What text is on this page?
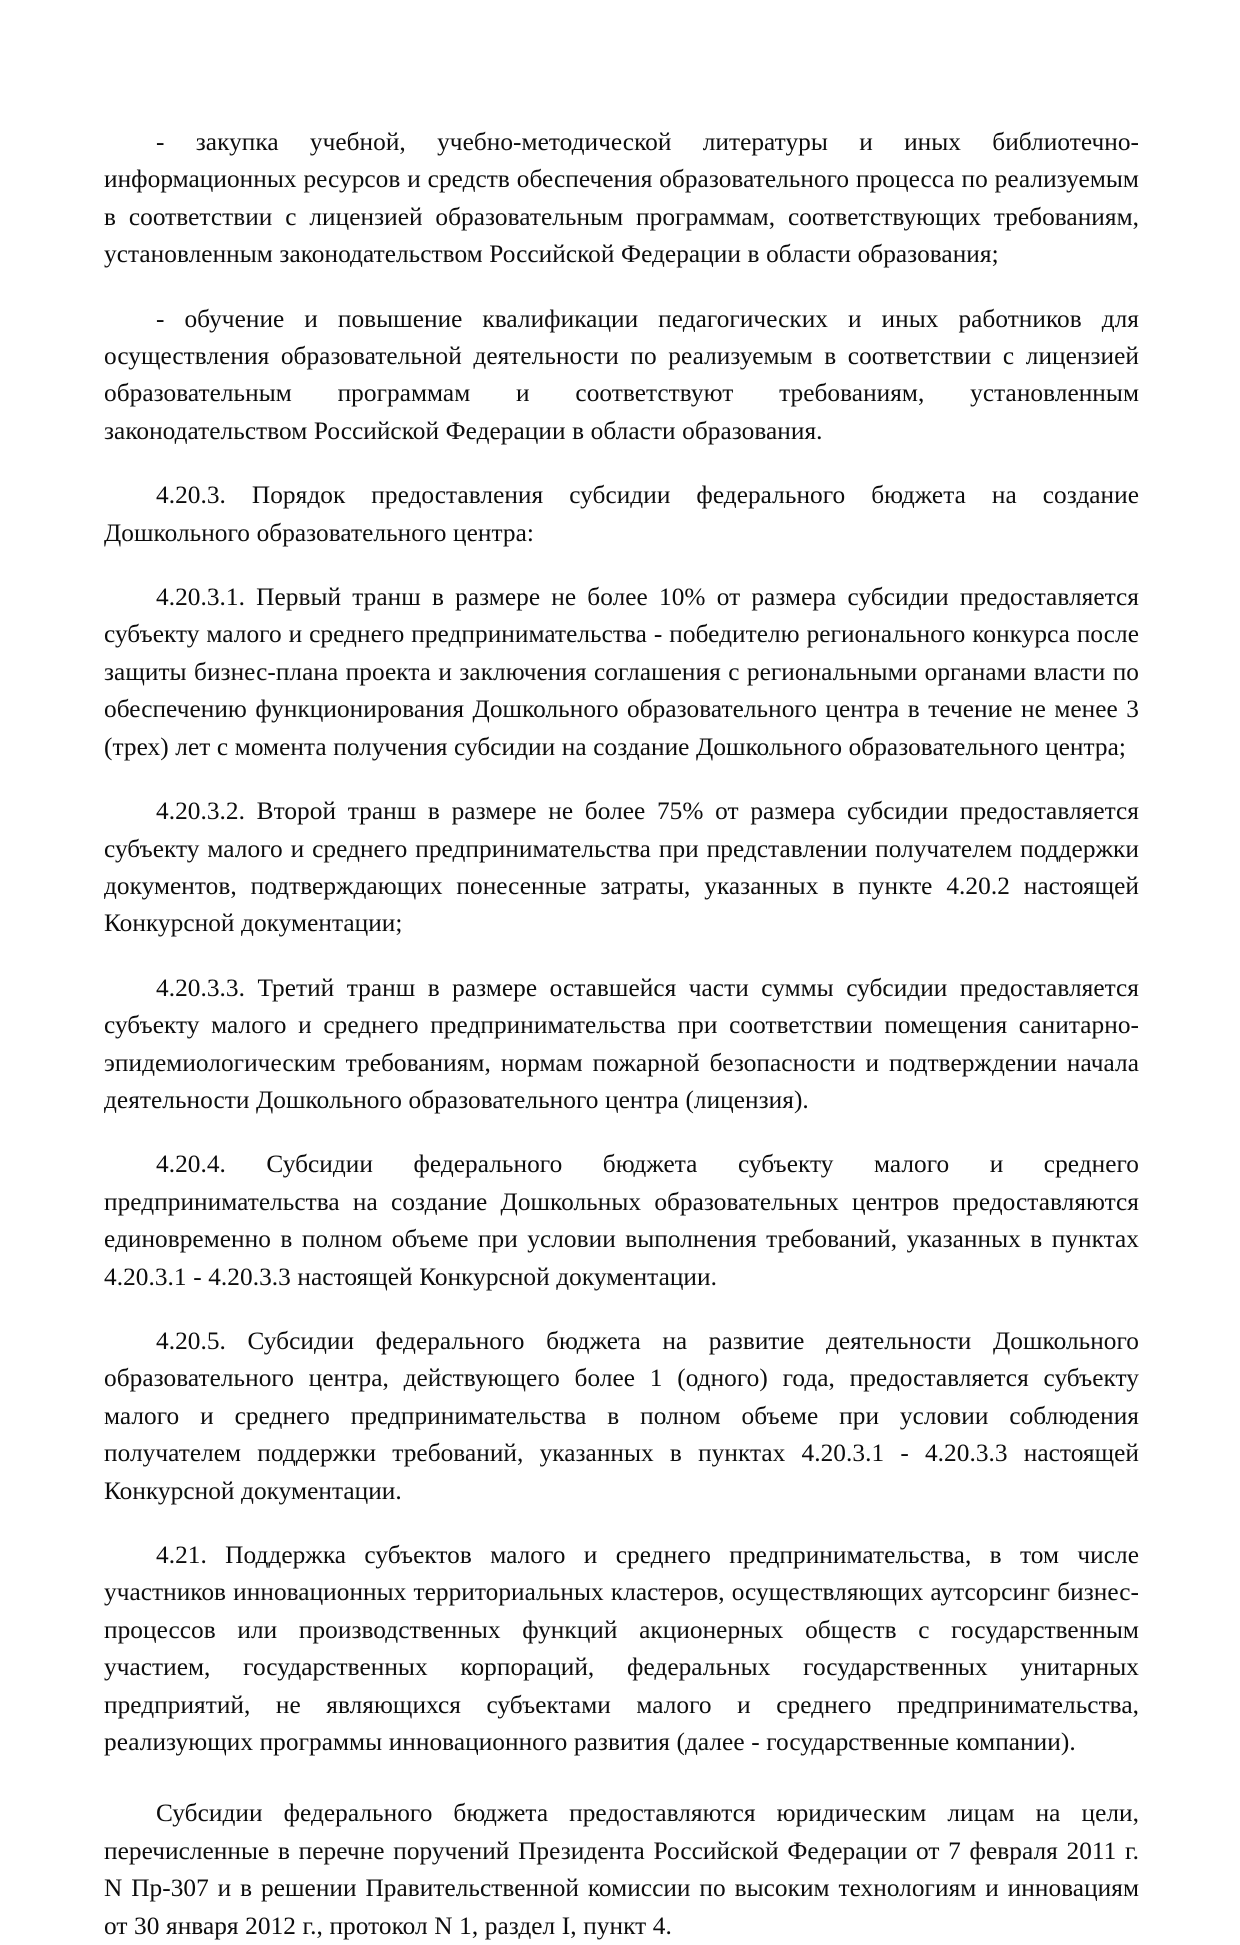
- закупка учебной, учебно-методической литературы и иных библиотечно-информационных ресурсов и средств обеспечения образовательного процесса по реализуемым в соответствии с лицензией образовательным программам, соответствующих требованиям, установленным законодательством Российской Федерации в области образования;

- обучение и повышение квалификации педагогических и иных работников для осуществления образовательной деятельности по реализуемым в соответствии с лицензией образовательным программам и соответствуют требованиям, установленным законодательством Российской Федерации в области образования.

4.20.3. Порядок предоставления субсидии федерального бюджета на создание Дошкольного образовательного центра:

4.20.3.1. Первый транш в размере не более 10% от размера субсидии предоставляется субъекту малого и среднего предпринимательства - победителю регионального конкурса после защиты бизнес-плана проекта и заключения соглашения с региональными органами власти по обеспечению функционирования Дошкольного образовательного центра в течение не менее 3 (трех) лет с момента получения субсидии на создание Дошкольного образовательного центра;

4.20.3.2. Второй транш в размере не более 75% от размера субсидии предоставляется субъекту малого и среднего предпринимательства при представлении получателем поддержки документов, подтверждающих понесенные затраты, указанных в пункте 4.20.2 настоящей Конкурсной документации;

4.20.3.3. Третий транш в размере оставшейся части суммы субсидии предоставляется субъекту малого и среднего предпринимательства при соответствии помещения санитарно-эпидемиологическим требованиям, нормам пожарной безопасности и подтверждении начала деятельности Дошкольного образовательного центра (лицензия).

4.20.4. Субсидии федерального бюджета субъекту малого и среднего предпринимательства на создание Дошкольных образовательных центров предоставляются единовременно в полном объеме при условии выполнения требований, указанных в пунктах 4.20.3.1 - 4.20.3.3 настоящей Конкурсной документации.

4.20.5. Субсидии федерального бюджета на развитие деятельности Дошкольного образовательного центра, действующего более 1 (одного) года, предоставляется субъекту малого и среднего предпринимательства в полном объеме при условии соблюдения получателем поддержки требований, указанных в пунктах 4.20.3.1 - 4.20.3.3 настоящей Конкурсной документации.

4.21. Поддержка субъектов малого и среднего предпринимательства, в том числе участников инновационных территориальных кластеров, осуществляющих аутсорсинг бизнес-процессов или производственных функций акционерных обществ с государственным участием, государственных корпораций, федеральных государственных унитарных предприятий, не являющихся субъектами малого и среднего предпринимательства, реализующих программы инновационного развития (далее - государственные компании).

Субсидии федерального бюджета предоставляются юридическим лицам на цели, перечисленные в перечне поручений Президента Российской Федерации от 7 февраля 2011 г. N Пр-307 и в решении Правительственной комиссии по высоким технологиям и инновациям от 30 января 2012 г., протокол N 1, раздел I, пункт 4.
